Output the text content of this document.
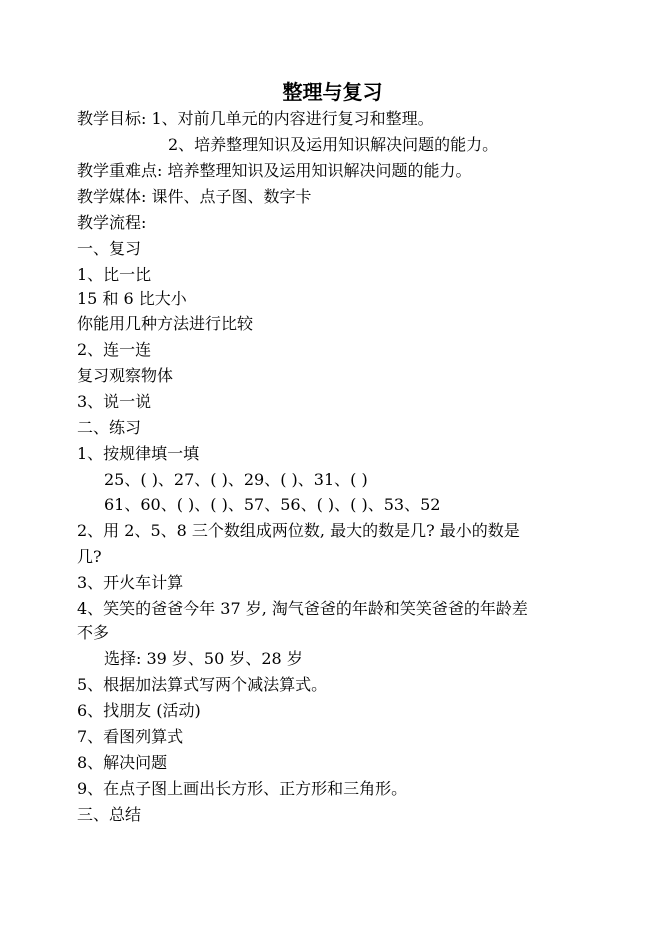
整理与复习
教学目标: 1、对前几单元的内容进行复习和整理。
2、培养整理知识及运用知识解决问题的能力。
教学重难点: 培养整理知识及运用知识解决问题的能力。
教学媒体: 课件、点子图、数字卡
教学流程:
一、复习
1、比一比
15 和 6 比大小
你能用几种方法进行比较
2、连一连
复习观察物体
3、说一说
二、练习
1、按规律填一填
25、( )、27、( )、29、( )、31、( )
61、60、( )、( )、57、56、( )、( )、53、52
2、用 2、5、8 三个数组成两位数, 最大的数是几? 最小的数是
几?
3、开火车计算
4、笑笑的爸爸今年 37 岁, 淘气爸爸的年龄和笑笑爸爸的年龄差
不多
选择: 39 岁、50 岁、28 岁
5、根据加法算式写两个减法算式。
6、找朋友 (活动)
7、看图列算式
8、解决问题
9、在点子图上画出长方形、正方形和三角形。
三、总结
